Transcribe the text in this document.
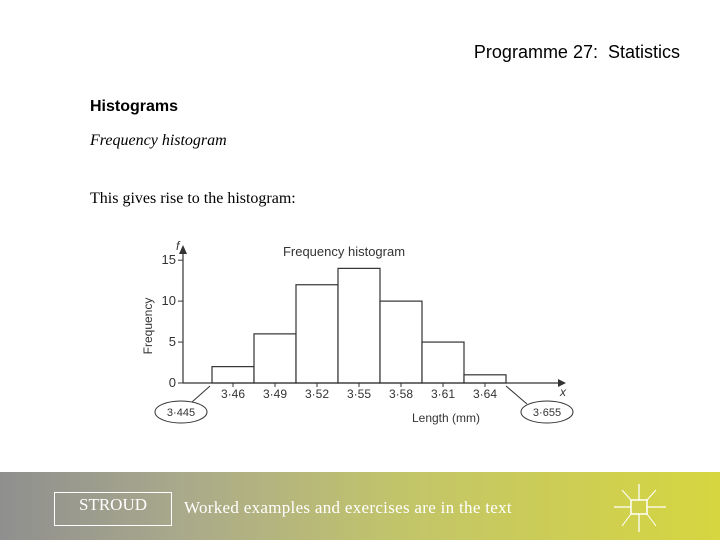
Programme 27:  Statistics
Histograms
Frequency histogram
This gives rise to the histogram:
0
5
10
15
3·46 3·49 3·52 3·55 3·58 3·61 3·64
f
x
Frequency histogram
Length (mm)
Frequency
3·445	3·655
STROUD	Worked examples and exercises are in the text
